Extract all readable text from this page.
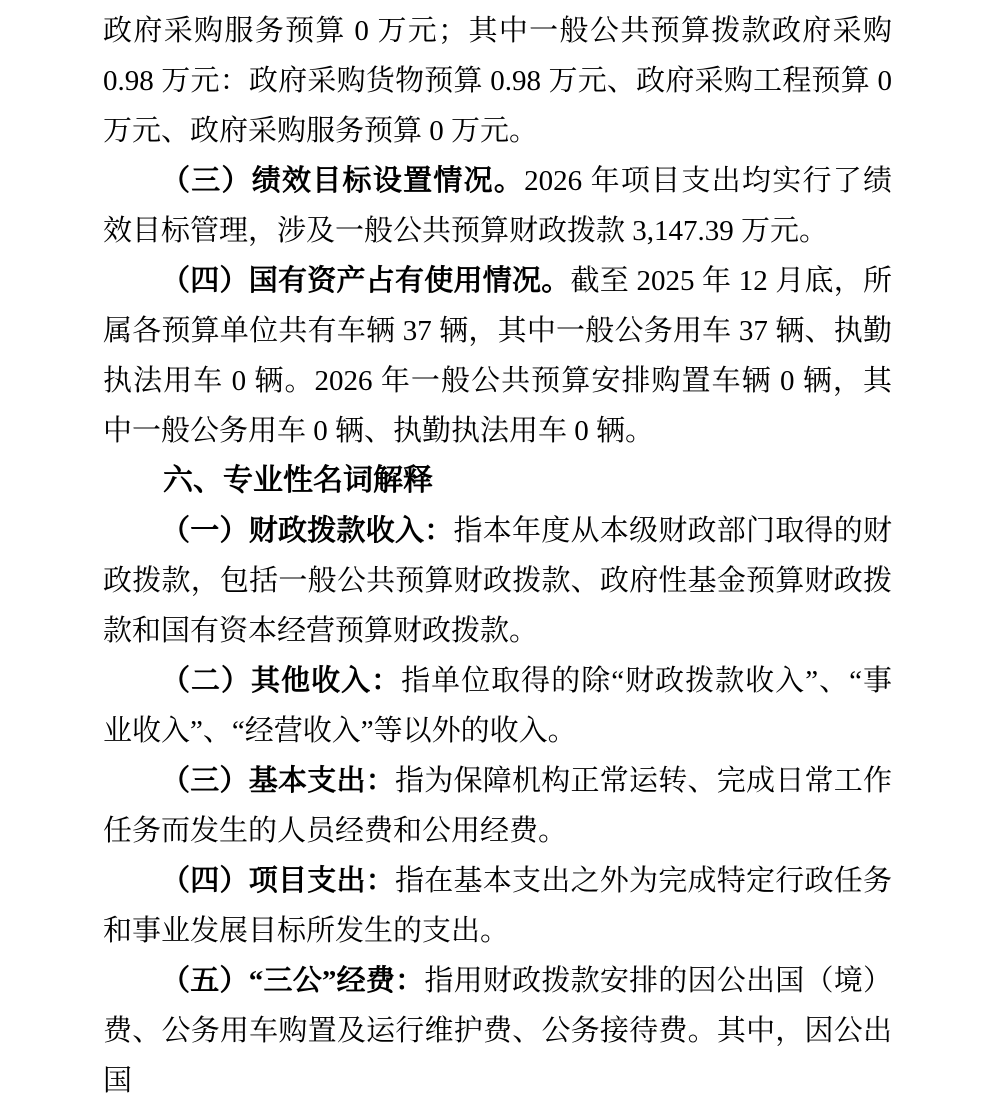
政府采购服务预算 0 万元；其中一般公共预算拨款政府采购 0.98 万元：政府采购货物预算 0.98 万元、政府采购工程预算 0 万元、政府采购服务预算 0 万元。

（三）绩效目标设置情况。2026 年项目支出均实行了绩效目标管理，涉及一般公共预算财政拨款 3,147.39 万元。

（四）国有资产占有使用情况。截至 2025 年 12 月底，所属各预算单位共有车辆 37 辆，其中一般公务用车 37 辆、执勤执法用车 0 辆。2026 年一般公共预算安排购置车辆 0 辆，其中一般公务用车 0 辆、执勤执法用车 0 辆。

六、专业性名词解释

（一）财政拨款收入：指本年度从本级财政部门取得的财政拨款，包括一般公共预算财政拨款、政府性基金预算财政拨款和国有资本经营预算财政拨款。

（二）其他收入：指单位取得的除“财政拨款收入”、“事业收入”、“经营收入”等以外的收入。

（三）基本支出：指为保障机构正常运转、完成日常工作任务而发生的人员经费和公用经费。

（四）项目支出：指在基本支出之外为完成特定行政任务和事业发展目标所发生的支出。

（五）“三公”经费：指用财政拨款安排的因公出国（境）费、公务用车购置及运行维护费、公务接待费。其中，因公出国
